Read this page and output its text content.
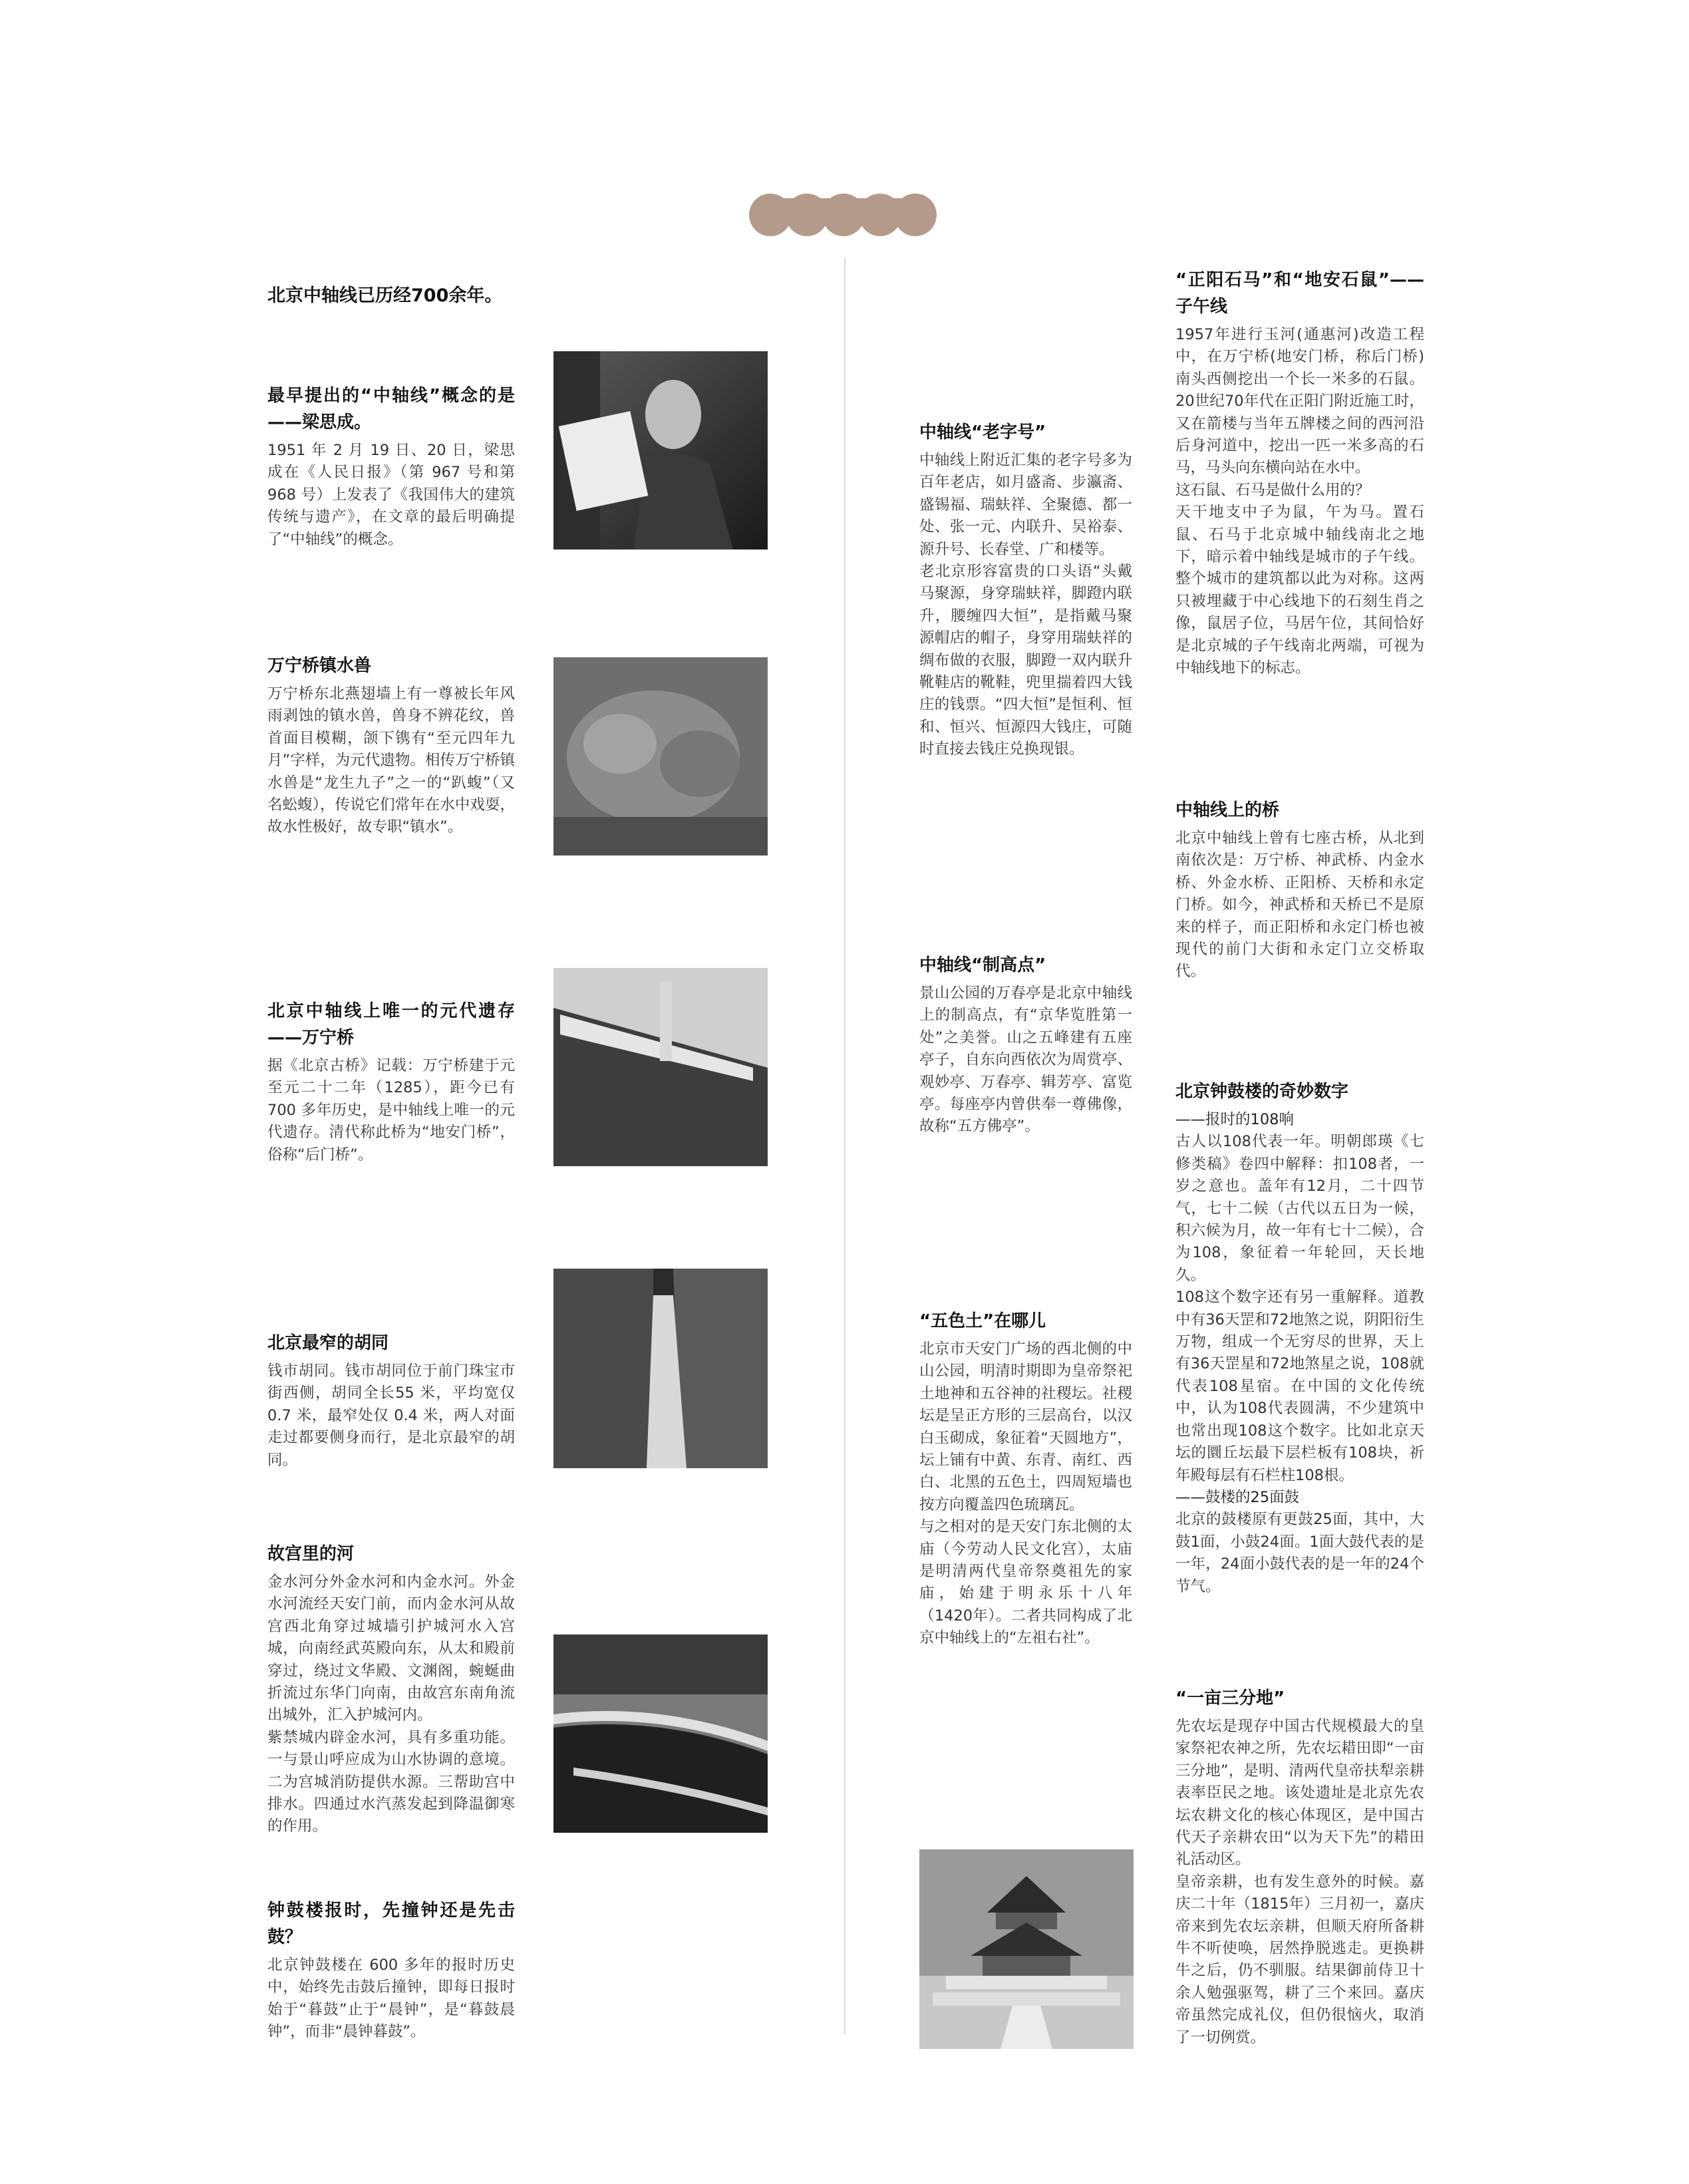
北京中轴线已历经700余年。
最早提出的“中轴线”概念的是——梁思成。

1951 年 2 月 19 日、20 日，梁思成在《人民日报》（第 967 号和第 968 号）上发表了《我国伟大的建筑传统与遗产》，在文章的最后明确提了“中轴线”的概念。

万宁桥镇水兽

万宁桥东北燕翅墙上有一尊被长年风雨剥蚀的镇水兽，兽身不辨花纹，兽首面目模糊，颌下镌有“至元四年九月”字样，为元代遗物。相传万宁桥镇水兽是“龙生九子”之一的“趴蝮”（又名蚣蝮），传说它们常年在水中戏耍，故水性极好，故专职“镇水”。

北京中轴线上唯一的元代遗存——万宁桥

据《北京古桥》记载：万宁桥建于元至元二十二年（1285），距今已有 700 多年历史，是中轴线上唯一的元代遗存。清代称此桥为“地安门桥”，俗称“后门桥”。

北京最窄的胡同

钱市胡同。钱市胡同位于前门珠宝市街西侧，胡同全长55 米，平均宽仅 0.7 米，最窄处仅 0.4 米，两人对面走过都要侧身而行，是北京最窄的胡同。

故宫里的河

金水河分外金水河和内金水河。外金水河流经天安门前，而内金水河从故宫西北角穿过城墙引护城河水入宫城，向南经武英殿向东，从太和殿前穿过，绕过文华殿、文渊阁，蜿蜒曲折流过东华门向南，由故宫东南角流出城外，汇入护城河内。
紫禁城内辟金水河，具有多重功能。一与景山呼应成为山水协调的意境。二为宫城消防提供水源。三帮助宫中排水。四通过水汽蒸发起到降温御寒的作用。

钟鼓楼报时，先撞钟还是先击鼓？

北京钟鼓楼在 600 多年的报时历史中，始终先击鼓后撞钟，即每日报时始于“暮鼓”止于“晨钟”，是“暮鼓晨钟”，而非“晨钟暮鼓”。

中轴线“老字号”

中轴线上附近汇集的老字号多为百年老店，如月盛斋、步瀛斋、盛锡福、瑞蚨祥、全聚德、都一处、张一元、内联升、吴裕泰、源升号、长春堂、广和楼等。
老北京形容富贵的口头语“头戴马聚源，身穿瑞蚨祥，脚蹬内联升，腰缠四大恒”，是指戴马聚源帽店的帽子，身穿用瑞蚨祥的绸布做的衣服，脚蹬一双内联升靴鞋店的靴鞋，兜里揣着四大钱庄的钱票。“四大恒”是恒利、恒和、恒兴、恒源四大钱庄，可随时直接去钱庄兑换现银。

中轴线“制高点”

景山公园的万春亭是北京中轴线上的制高点，有“京华览胜第一处”之美誉。山之五峰建有五座亭子，自东向西依次为周赏亭、观妙亭、万春亭、辑芳亭、富览亭。每座亭内曾供奉一尊佛像，故称“五方佛亭”。

“五色土”在哪儿

北京市天安门广场的西北侧的中山公园，明清时期即为皇帝祭祀土地神和五谷神的社稷坛。社稷坛是呈正方形的三层高台，以汉白玉砌成，象征着“天圆地方”，坛上铺有中黄、东青、南红、西白、北黑的五色土，四周短墙也按方向覆盖四色琉璃瓦。
与之相对的是天安门东北侧的太庙（今劳动人民文化宫），太庙是明清两代皇帝祭奠祖先的家庙，始建于明永乐十八年（1420年）。二者共同构成了北京中轴线上的“左祖右社”。

“正阳石马”和“地安石鼠”——子午线

1957年进行玉河(通惠河)改造工程中，在万宁桥(地安门桥，称后门桥)南头西侧挖出一个长一米多的石鼠。20世纪70年代在正阳门附近施工时，又在箭楼与当年五牌楼之间的西河沿后身河道中，挖出一匹一米多高的石马，马头向东横向站在水中。
这石鼠、石马是做什么用的？
天干地支中子为鼠，午为马。置石鼠、石马于北京城中轴线南北之地下，暗示着中轴线是城市的子午线。整个城市的建筑都以此为对称。这两只被埋藏于中心线地下的石刻生肖之像，鼠居子位，马居午位，其间恰好是北京城的子午线南北两端，可视为中轴线地下的标志。

中轴线上的桥

北京中轴线上曾有七座古桥，从北到南依次是：万宁桥、神武桥、内金水桥、外金水桥、正阳桥、天桥和永定门桥。如今，神武桥和天桥已不是原来的样子，而正阳桥和永定门桥也被现代的前门大街和永定门立交桥取代。

北京钟鼓楼的奇妙数字

——报时的108响

古人以108代表一年。明朝郎瑛《七修类稿》卷四中解释：扣108者，一岁之意也。盖年有12月，二十四节气，七十二候（古代以五日为一候，积六候为月，故一年有七十二候），合为108，象征着一年轮回，天长地久。
108这个数字还有另一重解释。道教中有36天罡和72地煞之说，阴阳衍生万物，组成一个无穷尽的世界，天上有36天罡星和72地煞星之说，108就代表108星宿。在中国的文化传统中，认为108代表圆满，不少建筑中也常出现108这个数字。比如北京天坛的圜丘坛最下层栏板有108块，祈年殿每层有石栏柱108根。

——鼓楼的25面鼓

北京的鼓楼原有更鼓25面，其中，大鼓1面，小鼓24面。1面大鼓代表的是一年，24面小鼓代表的是一年的24个节气。

“一亩三分地”

先农坛是现存中国古代规模最大的皇家祭祀农神之所，先农坛耤田即“一亩三分地”，是明、清两代皇帝扶犁亲耕表率臣民之地。该处遗址是北京先农坛农耕文化的核心体现区，是中国古代天子亲耕农田“以为天下先”的耤田礼活动区。
皇帝亲耕，也有发生意外的时候。嘉庆二十年（1815年）三月初一，嘉庆帝来到先农坛亲耕，但顺天府所备耕牛不听使唤，居然挣脱逃走。更换耕牛之后，仍不驯服。结果御前侍卫十余人勉强驱驾，耕了三个来回。嘉庆帝虽然完成礼仪，但仍很恼火，取消了一切例赏。
